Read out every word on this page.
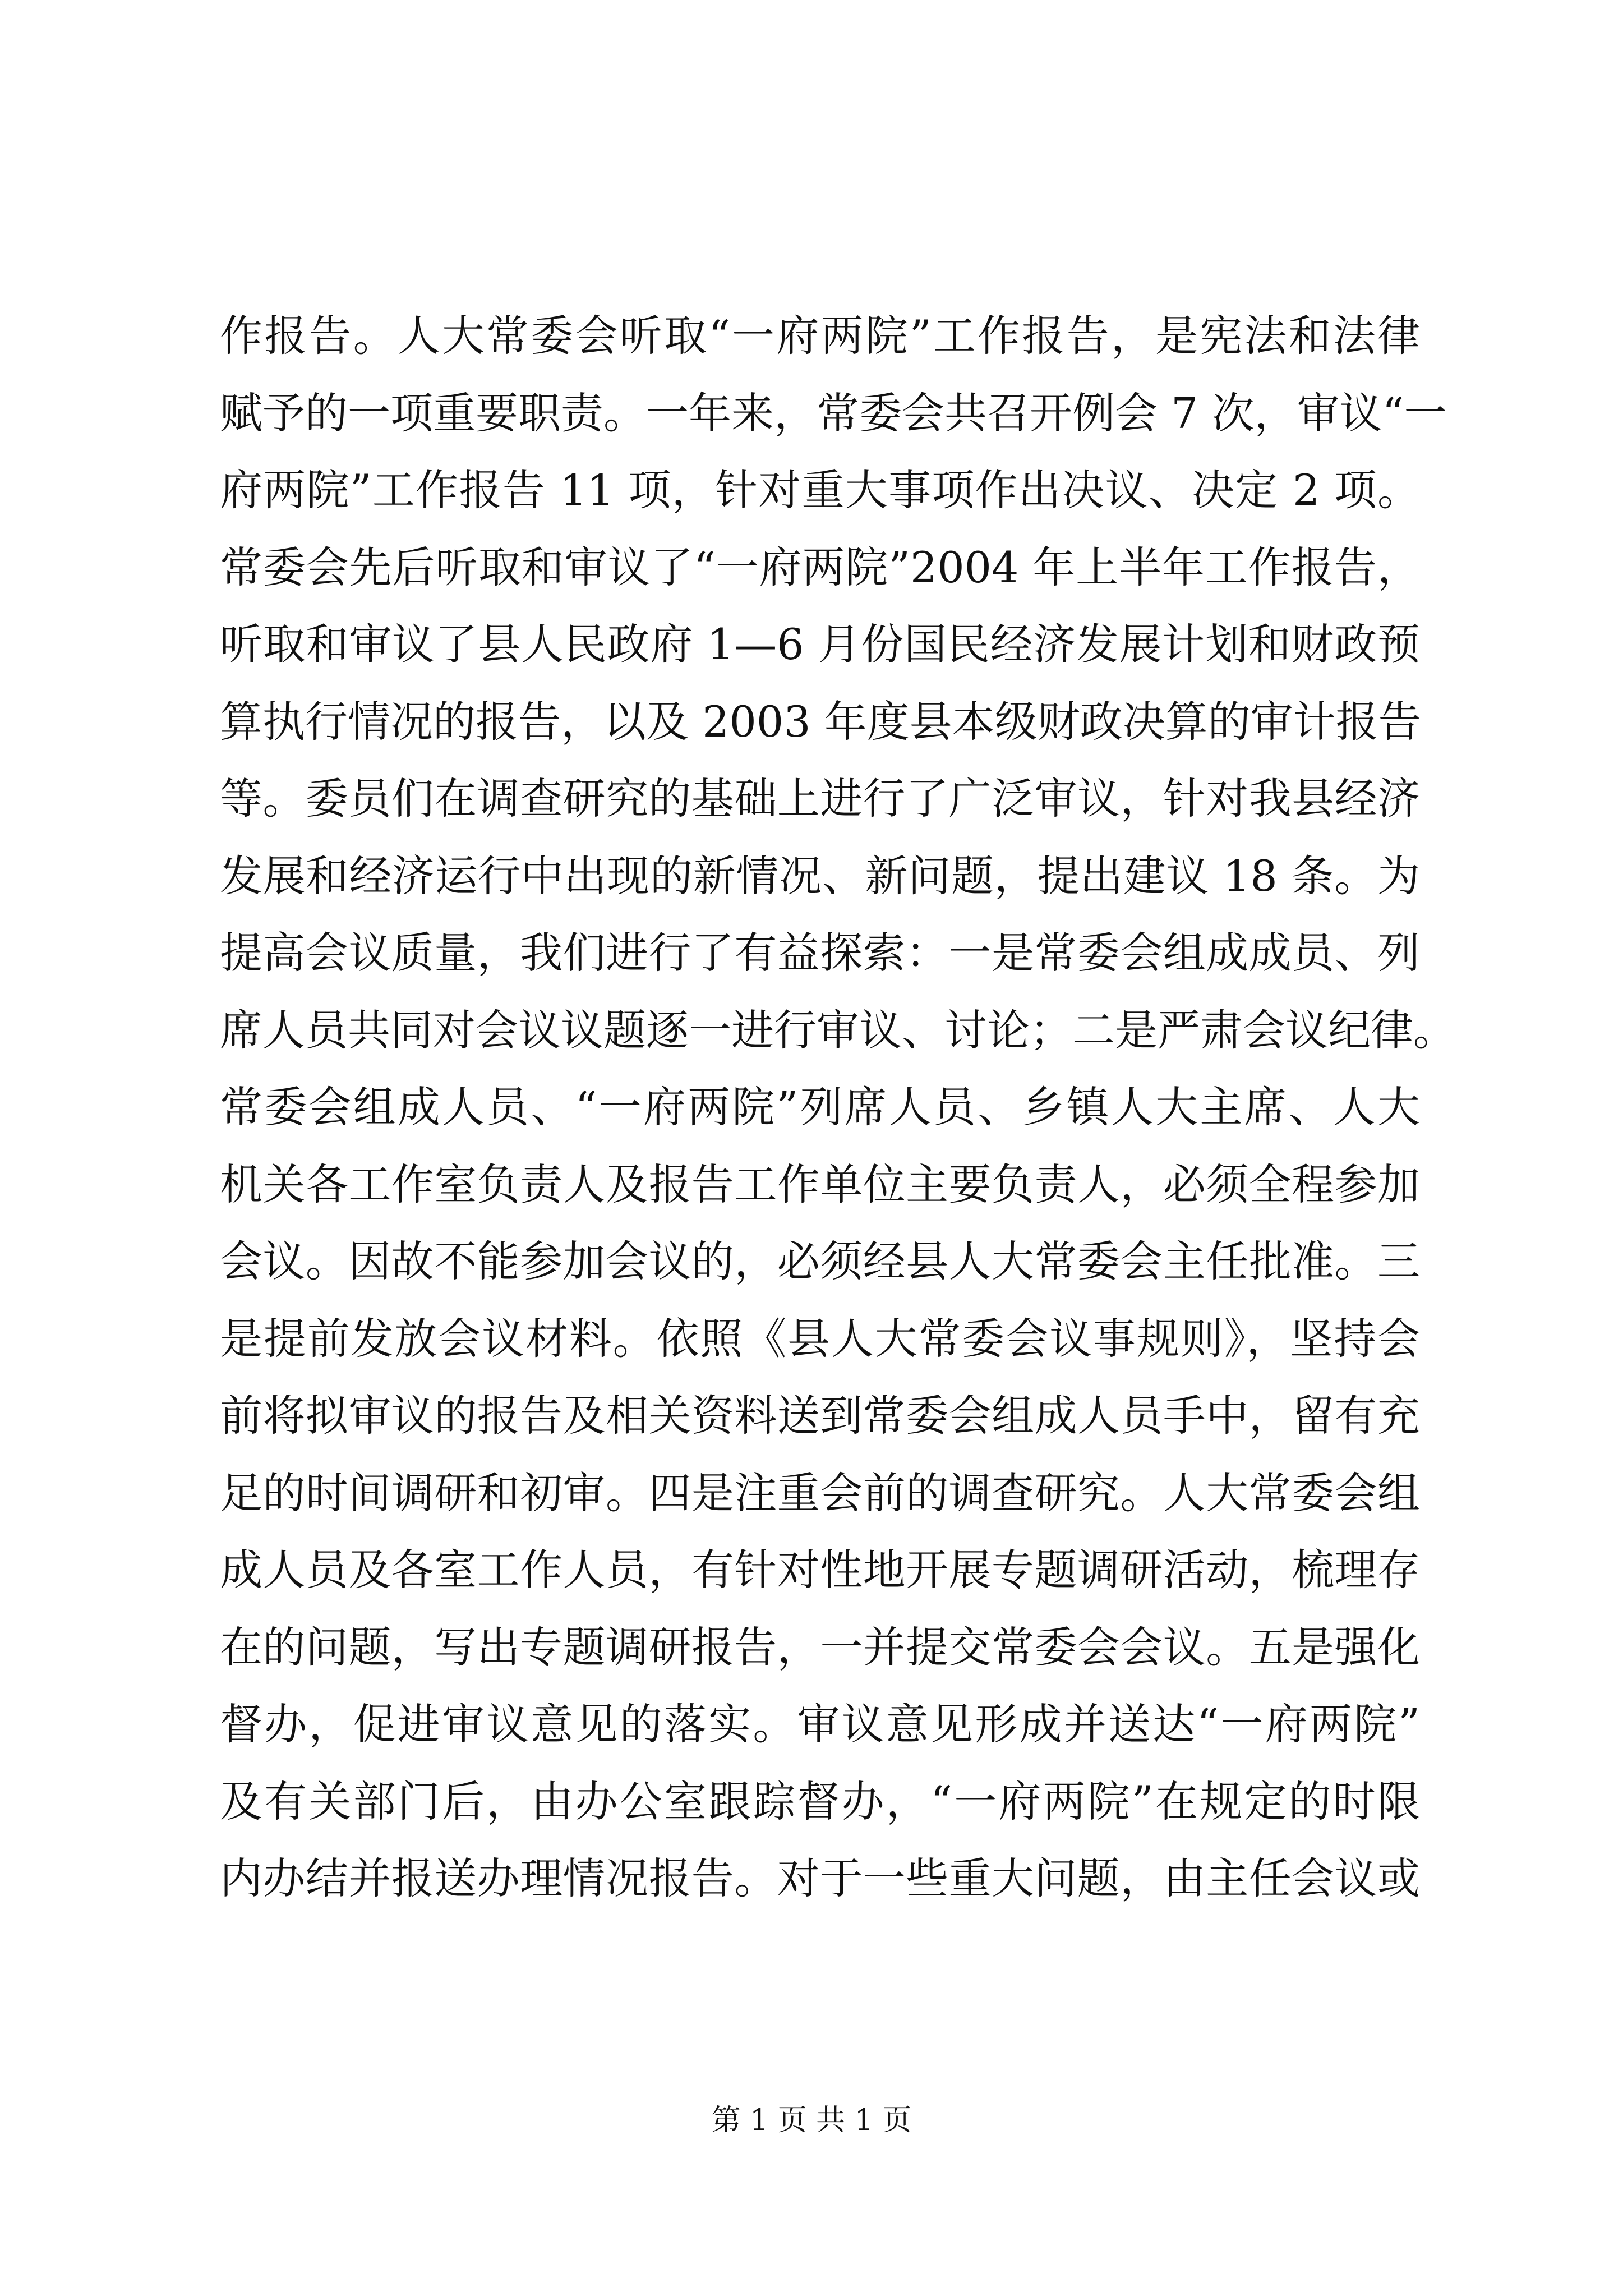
作报告。人大常委会听取“一府两院”工作报告，是宪法和法律
赋予的一项重要职责。一年来，常委会共召开例会 7 次，审议“一
府两院”工作报告 11 项，针对重大事项作出决议、决定 2 项。
常委会先后听取和审议了“一府两院”2004 年上半年工作报告，
听取和审议了县人民政府 1—6 月份国民经济发展计划和财政预
算执行情况的报告，以及 2003 年度县本级财政决算的审计报告
等。委员们在调查研究的基础上进行了广泛审议，针对我县经济
发展和经济运行中出现的新情况、新问题，提出建议 18 条。为
提高会议质量，我们进行了有益探索：一是常委会组成成员、列
席人员共同对会议议题逐一进行审议、讨论；二是严肃会议纪律。
常委会组成人员、“一府两院”列席人员、乡镇人大主席、人大
机关各工作室负责人及报告工作单位主要负责人，必须全程参加
会议。因故不能参加会议的，必须经县人大常委会主任批准。三
是提前发放会议材料。依照《县人大常委会议事规则》，坚持会
前将拟审议的报告及相关资料送到常委会组成人员手中，留有充
足的时间调研和初审。四是注重会前的调查研究。人大常委会组
成人员及各室工作人员，有针对性地开展专题调研活动，梳理存
在的问题，写出专题调研报告，一并提交常委会会议。五是强化
督办，促进审议意见的落实。审议意见形成并送达“一府两院”
及有关部门后，由办公室跟踪督办，“一府两院”在规定的时限
内办结并报送办理情况报告。对于一些重大问题，由主任会议或
第 1 页 共 1 页
